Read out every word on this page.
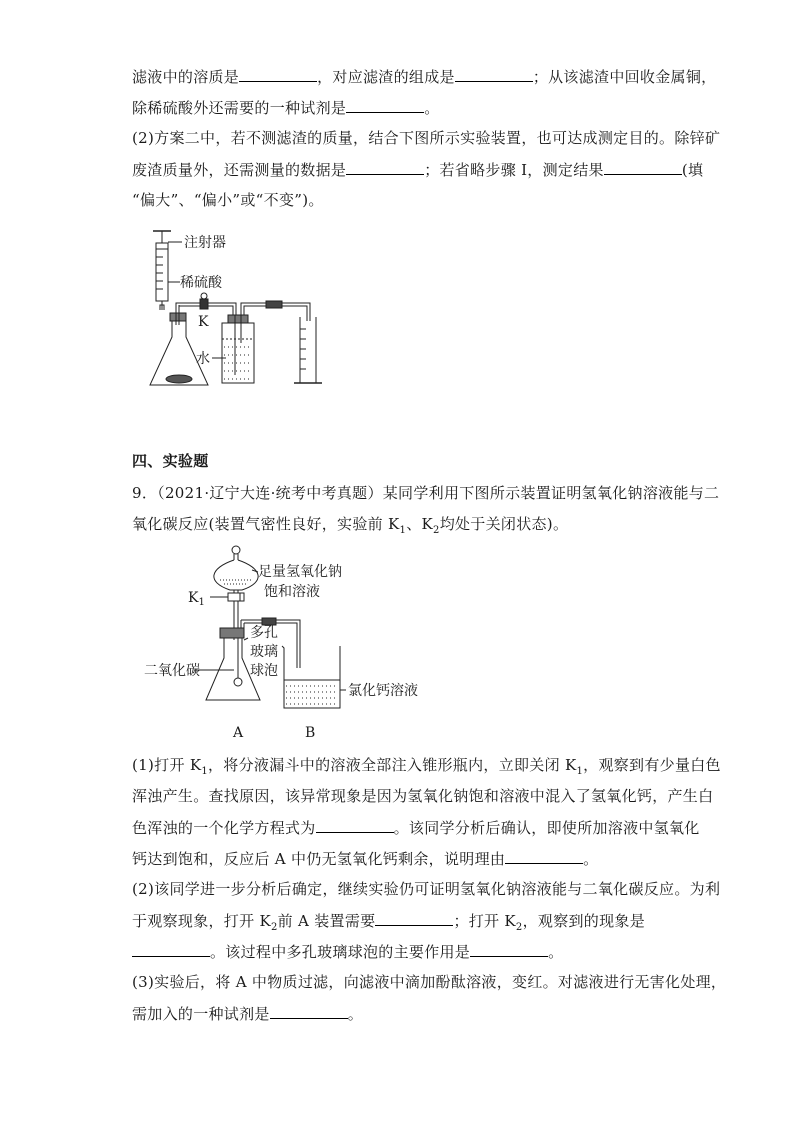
滤液中的溶质是	，对应滤渣的组成是	；从该滤渣中回收金属铜，
除稀硫酸外还需要的一种试剂是	。
(2)方案二中，若不测滤渣的质量，结合下图所示实验装置，也可达成测定目的。除锌矿
废渣质量外，还需测量的数据是	；若省略步骤 I，测定结果	(填
“偏大”、“偏小”或“不变”)。
注射器
稀硫酸
K
水
四、实验题
9．（2021·辽宁大连·统考中考真题）某同学利用下图所示装置证明氢氧化钠溶液能与二
氧化碳反应(装置气密性良好，实验前 $K_1$、$K_2$均处于关闭状态)。
足量氢氧化钠
饱和溶液
$K_1$
多孔
玻璃
球泡
二氧化碳
氯化钙溶液
A	B
(1)打开 $K_1$，将分液漏斗中的溶液全部注入锥形瓶内，立即关闭 $K_1$，观察到有少量白色
浑浊产生。查找原因，该异常现象是因为氢氧化钠饱和溶液中混入了氢氧化钙，产生白
色浑浊的一个化学方程式为	。该同学分析后确认，即使所加溶液中氢氧化
钙达到饱和，反应后 A 中仍无氢氧化钙剩余，说明理由	。
(2)该同学进一步分析后确定，继续实验仍可证明氢氧化钠溶液能与二氧化碳反应。为利
于观察现象，打开 $K_2$前 A 装置需要	；打开 $K_2$，观察到的现象是
。该过程中多孔玻璃球泡的主要作用是	。
(3)实验后，将 A 中物质过滤，向滤液中滴加酚酞溶液，变红。对滤液进行无害化处理，
需加入的一种试剂是	。
